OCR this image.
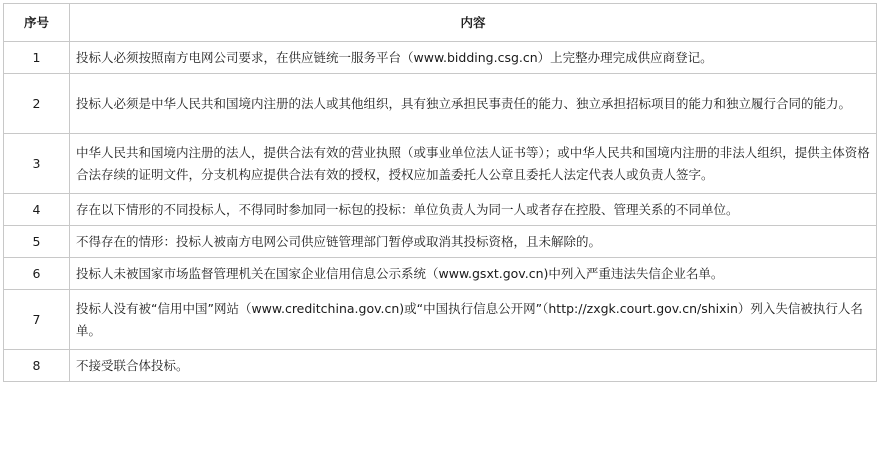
序号	内容
1	投标人必须按照南方电网公司要求，在供应链统一服务平台（www.bidding.csg.cn）上完整办理完成供应商登记。
2	投标人必须是中华人民共和国境内注册的法人或其他组织，具有独立承担民事责任的能力、独立承担招标项目的能力和独立履行合同的能力。
3	中华人民共和国境内注册的法人，提供合法有效的营业执照（或事业单位法人证书等）；或中华人民共和国境内注册的非法人组织，提供主体资格合法存续的证明文件，分支机构应提供合法有效的授权，授权应加盖委托人公章且委托人法定代表人或负责人签字。
4	存在以下情形的不同投标人，不得同时参加同一标包的投标：单位负责人为同一人或者存在控股、管理关系的不同单位。
5	不得存在的情形：投标人被南方电网公司供应链管理部门暂停或取消其投标资格，且未解除的。
6	投标人未被国家市场监督管理机关在国家企业信用信息公示系统（www.gsxt.gov.cn)中列入严重违法失信企业名单。
7	投标人没有被“信用中国”网站（www.creditchina.gov.cn)或“中国执行信息公开网”（http://zxgk.court.gov.cn/shixin）列入失信被执行人名单。
8	不接受联合体投标。
